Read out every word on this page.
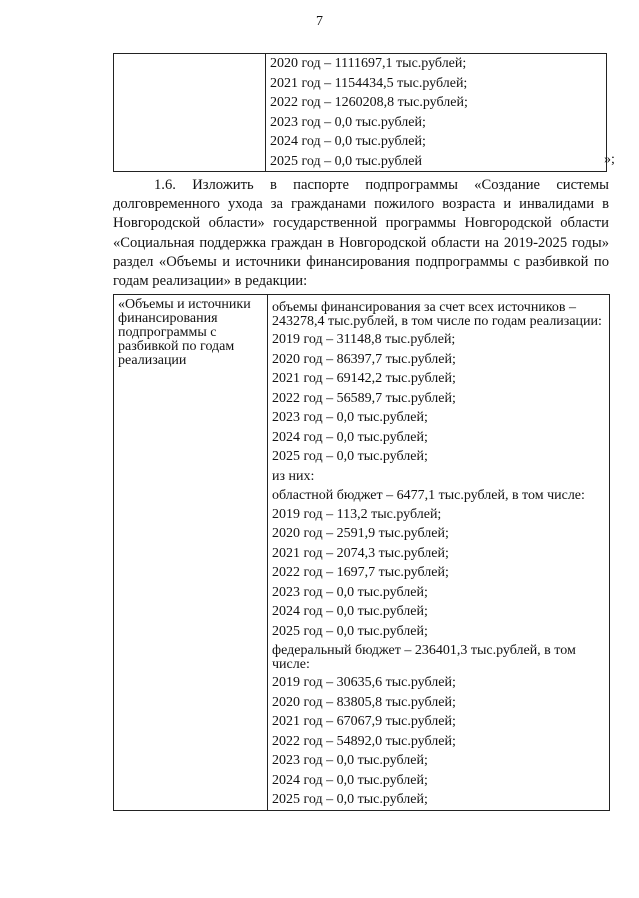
7

2020 год – 1111697,1 тыс.рублей;
2021 год – 1154434,5 тыс.рублей;
2022 год – 1260208,8 тыс.рублей;
2023 год – 0,0 тыс.рублей;
2024 год – 0,0 тыс.рублей;
2025 год – 0,0 тыс.рублей	»;

1.6. Изложить в паспорте подпрограммы «Создание системы долговременного ухода за гражданами пожилого возраста и инвалидами в Новгородской области» государственной программы Новгородской области «Социальная поддержка граждан в Новгородской области на 2019-2025 годы» раздел «Объемы и источники финансирования подпрограммы с разбивкой по годам реализации» в редакции:

«Объемы и источники финансирования подпрограммы с разбивкой по годам реализации

объемы финансирования за счет всех источников – 243278,4 тыс.рублей, в том числе по годам реализации:
2019 год – 31148,8 тыс.рублей;
2020 год – 86397,7 тыс.рублей;
2021 год – 69142,2 тыс.рублей;
2022 год – 56589,7 тыс.рублей;
2023 год – 0,0 тыс.рублей;
2024 год – 0,0 тыс.рублей;
2025 год – 0,0 тыс.рублей;
из них:
областной бюджет – 6477,1 тыс.рублей, в том числе:
2019 год – 113,2 тыс.рублей;
2020 год – 2591,9 тыс.рублей;
2021 год – 2074,3 тыс.рублей;
2022 год – 1697,7 тыс.рублей;
2023 год – 0,0 тыс.рублей;
2024 год – 0,0 тыс.рублей;
2025 год – 0,0 тыс.рублей;
федеральный бюджет – 236401,3 тыс.рублей, в том числе:
2019 год – 30635,6 тыс.рублей;
2020 год – 83805,8 тыс.рублей;
2021 год – 67067,9 тыс.рублей;
2022 год – 54892,0 тыс.рублей;
2023 год – 0,0 тыс.рублей;
2024 год – 0,0 тыс.рублей;
2025 год – 0,0 тыс.рублей;
